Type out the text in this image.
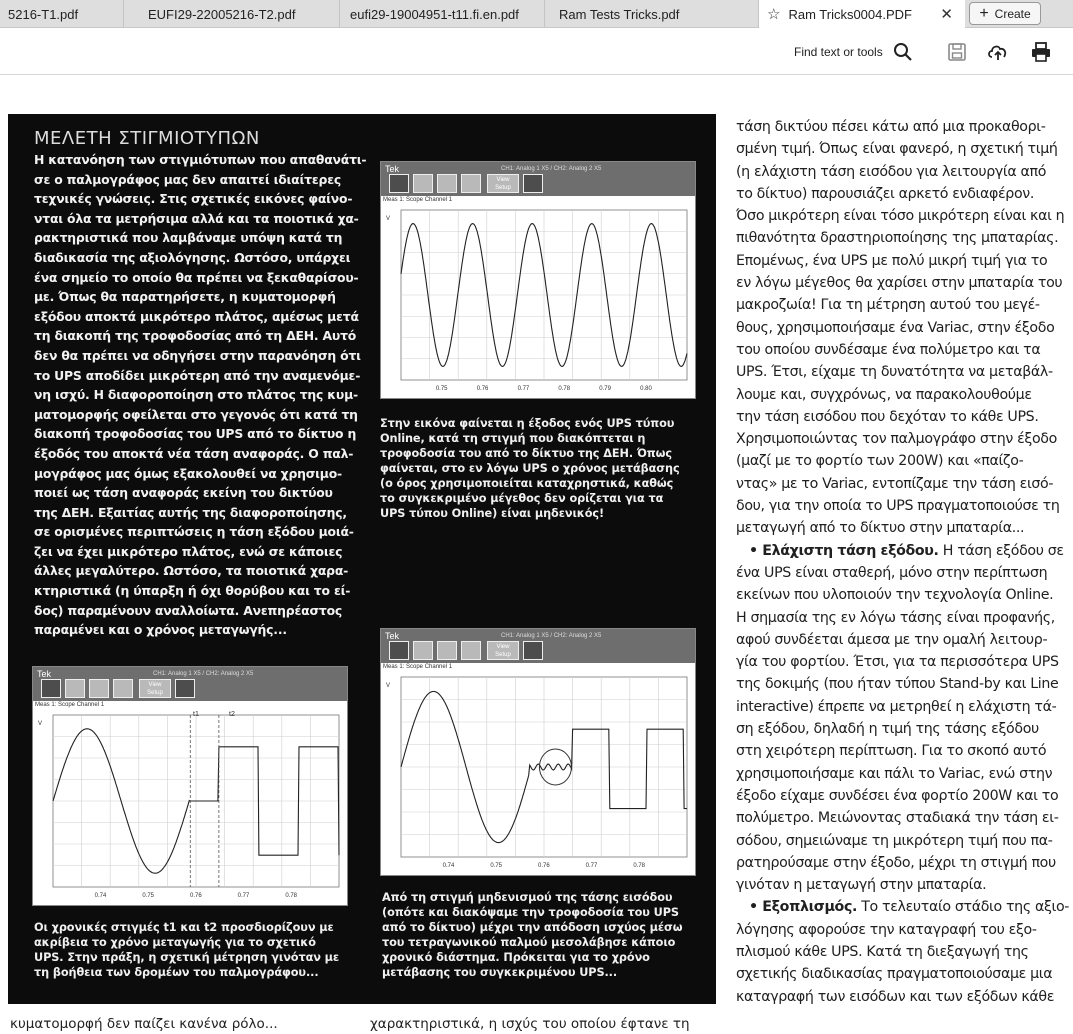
5216-T1.pdf	EUFI29-22005216-T2.pdf	eufi29-19004951-t11.fi.en.pdf	Ram Tests Tricks.pdf	☆ Ram Tricks0004.PDF ✕ + Create
Find text or tools
ΜΕΛΕΤΗ ΣΤΙΓΜΙΟΤΥΠΩΝ
Η κατανόηση των στιγμιότυπων που απαθανάτι-
σε ο παλμογράφος μας δεν απαιτεί ιδιαίτερες
τεχνικές γνώσεις. Στις σχετικές εικόνες φαίνο-
νται όλα τα μετρήσιμα αλλά και τα ποιοτικά χα-
ρακτηριστικά που λαμβάναμε υπόψη κατά τη
διαδικασία της αξιολόγησης. Ωστόσο, υπάρχει
ένα σημείο το οποίο θα πρέπει να ξεκαθαρίσου-
με. Όπως θα παρατηρήσετε, η κυματομορφή
εξόδου αποκτά μικρότερο πλάτος, αμέσως μετά
τη διακοπή της τροφοδοσίας από τη ΔΕΗ. Αυτό
δεν θα πρέπει να οδηγήσει στην παρανόηση ότι
το UPS αποδίδει μικρότερη από την αναμενόμε-
νη ισχύ. Η διαφοροποίηση στο πλάτος της κυμ-
ματομορφής οφείλεται στο γεγονός ότι κατά τη
διακοπή τροφοδοσίας του UPS από το δίκτυο η
έξοδός του αποκτά νέα τάση αναφοράς. Ο παλ-
μογράφος μας όμως εξακολουθεί να χρησιμο-
ποιεί ως τάση αναφοράς εκείνη του δικτύου
της ΔΕΗ. Εξαιτίας αυτής της διαφοροποίησης,
σε ορισμένες περιπτώσεις η τάση εξόδου μοιά-
ζει να έχει μικρότερο πλάτος, ενώ σε κάποιες
άλλες μεγαλύτερο. Ωστόσο, τα ποιοτικά χαρα-
κτηριστικά (η ύπαρξη ή όχι θορύβου και το εί-
δος) παραμένουν αναλλοίωτα. Ανεπηρέαστος
παραμένει και ο χρόνος μεταγωγής...
Tek	CH1: Analog 1 X5 / CH2: Analog 2 X5
View Setup
Meas 1: Scope Channel 1
V
0.75	0.76	0.77	0.78	0.79	0.80
Tek	CH1: Analog 1 X5 / CH2: Analog 2 X5
View Setup
Meas 1: Scope Channel 1
V
0.74	0.75	0.76	0.77	0.78
t1	t2
Tek	CH1: Analog 1 X5 / CH2: Analog 2 X5
View Setup
Meas 1: Scope Channel 1
V
0.74	0.75	0.76	0.77	0.78
Στην εικόνα φαίνεται η έξοδος ενός UPS τύπου
Online, κατά τη στιγμή που διακόπτεται η
τροφοδοσία του από το δίκτυο της ΔΕΗ. Όπως
φαίνεται, στο εν λόγω UPS ο χρόνος μετάβασης
(ο όρος χρησιμοποιείται καταχρηστικά, καθώς
το συγκεκριμένο μέγεθος δεν ορίζεται για τα
UPS τύπου Online) είναι μηδενικός!
Οι χρονικές στιγμές t1 και t2 προσδιορίζουν με
ακρίβεια το χρόνο μεταγωγής για το σχετικό
UPS. Στην πράξη, η σχετική μέτρηση γινόταν με
τη βοήθεια των δρομέων του παλμογράφου...
Από τη στιγμή μηδενισμού της τάσης εισόδου
(οπότε και διακόψαμε την τροφοδοσία του UPS
από το δίκτυο) μέχρι την απόδοση ισχύος μέσω
του τετραγωνικού παλμού μεσολάβησε κάποιο
χρονικό διάστημα. Πρόκειται για το χρόνο
μετάβασης του συγκεκριμένου UPS...
τάση δικτύου πέσει κάτω από μια προκαθορι-
σμένη τιμή. Όπως είναι φανερό, η σχετική τιμή
(η ελάχιστη τάση εισόδου για λειτουργία από
το δίκτυο) παρουσιάζει αρκετό ενδιαφέρον.
Όσο μικρότερη είναι τόσο μικρότερη είναι και η
πιθανότητα δραστηριοποίησης της μπαταρίας.
Επομένως, ένα UPS με πολύ μικρή τιμή για το
εν λόγω μέγεθος θα χαρίσει στην μπαταρία του
μακροζωία! Για τη μέτρηση αυτού του μεγέ-
θους, χρησιμοποιήσαμε ένα Variac, στην έξοδο
του οποίου συνδέσαμε ένα πολύμετρο και τα
UPS. Έτσι, είχαμε τη δυνατότητα να μεταβάλ-
λουμε και, συγχρόνως, να παρακολουθούμε
την τάση εισόδου που δεχόταν το κάθε UPS.
Χρησιμοποιώντας τον παλμογράφο στην έξοδο
(μαζί με το φορτίο των 200W) και «παίζο-
ντας» με το Variac, εντοπίζαμε την τάση εισό-
δου, για την οποία το UPS πραγματοποιούσε τη
μεταγωγή από το δίκτυο στην μπαταρία...

• Ελάχιστη τάση εξόδου. Η τάση εξόδου σε

ένα UPS είναι σταθερή, μόνο στην περίπτωση
εκείνων που υλοποιούν την τεχνολογία Online.
Η σημασία της εν λόγω τάσης είναι προφανής,
αφού συνδέεται άμεσα με την ομαλή λειτουρ-
γία του φορτίου. Έτσι, για τα περισσότερα UPS
της δοκιμής (που ήταν τύπου Stand-by και Line
interactive) έπρεπε να μετρηθεί η ελάχιστη τά-
ση εξόδου, δηλαδή η τιμή της τάσης εξόδου
στη χειρότερη περίπτωση. Για το σκοπό αυτό
χρησιμοποιήσαμε και πάλι το Variac, ενώ στην
έξοδο είχαμε συνδέσει ένα φορτίο 200W και το
πολύμετρο. Μειώνοντας σταδιακά την τάση ει-
σόδου, σημειώναμε τη μικρότερη τιμή που πα-
ρατηρούσαμε στην έξοδο, μέχρι τη στιγμή που
γινόταν η μεταγωγή στην μπαταρία.

• Εξοπλισμός. Το τελευταίο στάδιο της αξιο-

λόγησης αφορούσε την καταγραφή του εξο-
πλισμού κάθε UPS. Κατά τη διεξαγωγή της
σχετικής διαδικασίας πραγματοποιούσαμε μια
καταγραφή των εισόδων και των εξόδων κάθε
κυματομορφή δεν παίζει κανένα ρόλο...	χαρακτηριστικά, η ισχύς του οποίου έφτανε τη
